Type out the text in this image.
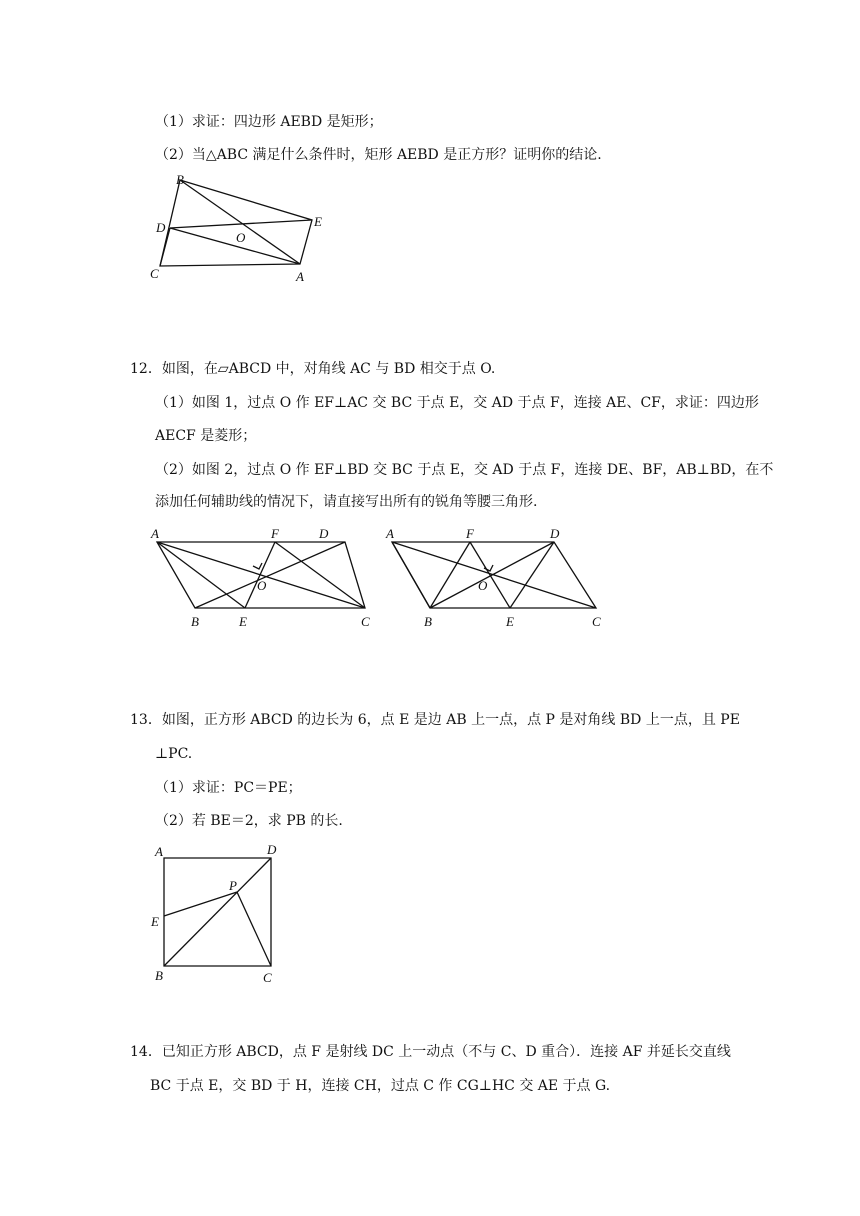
（1）求证：四边形 AEBD 是矩形；
（2）当△ABC 满足什么条件时，矩形 AEBD 是正方形？证明你的结论.
B
D
O
E
C	A
12．如图，在▱ABCD 中，对角线 AC 与 BD 相交于点 O.
（1）如图 1，过点 O 作 EF⊥AC 交 BC 于点 E，交 AD 于点 F，连接 AE、CF，求证：四边形
AECF 是菱形；
（2）如图 2，过点 O 作 EF⊥BD 交 BC 于点 E，交 AD 于点 F，连接 DE、BF，AB⊥BD，在不
添加任何辅助线的情况下，请直接写出所有的锐角等腰三角形.
A	F	D
O
B	E	C
A	F	D
O
B	E	C
13．如图，正方形 ABCD 的边长为 6，点 E 是边 AB 上一点，点 P 是对角线 BD 上一点，且 PE
⊥PC.
（1）求证：PC＝PE；
（2）若 BE＝2，求 PB 的长.
A	D
P
E
B	C
14．已知正方形 ABCD，点 F 是射线 DC 上一动点（不与 C、D 重合）．连接 AF 并延长交直线
BC 于点 E，交 BD 于 H，连接 CH，过点 C 作 CG⊥HC 交 AE 于点 G.
